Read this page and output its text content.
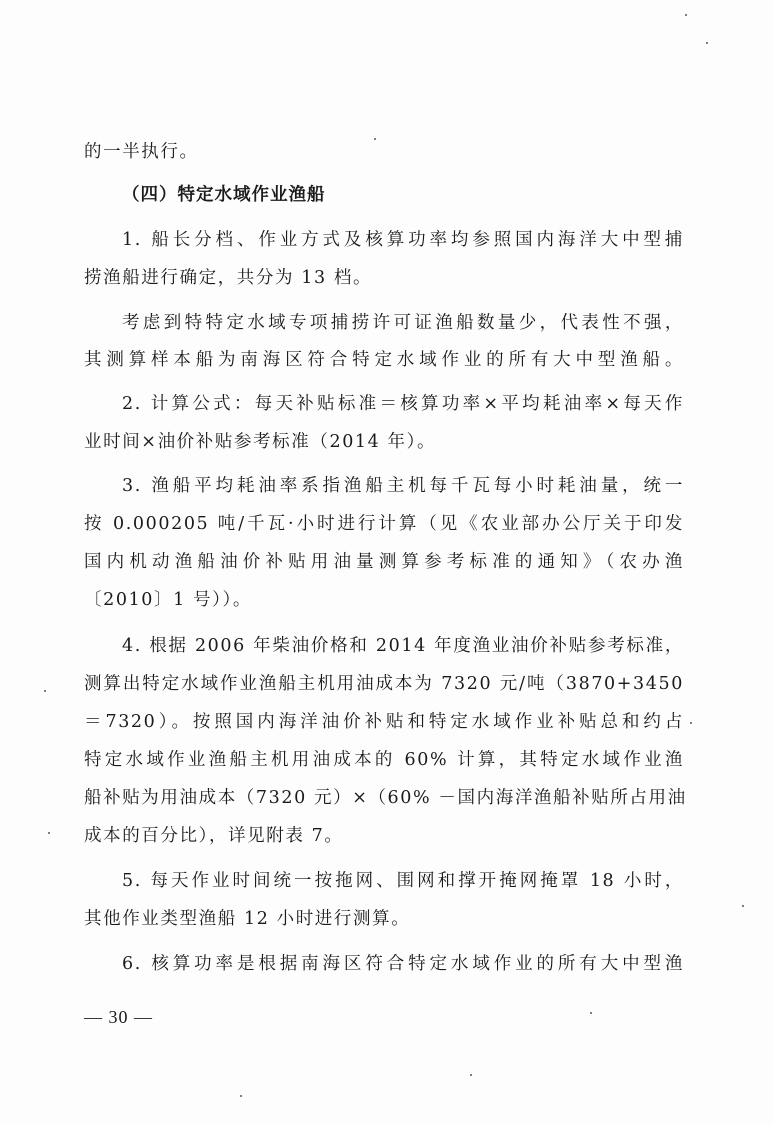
的一半执行。
（四）特定水域作业渔船
1. 船长分档、作业方式及核算功率均参照国内海洋大中型捕
捞渔船进行确定，共分为 13 档。
考虑到特特定水域专项捕捞许可证渔船数量少，代表性不强，
其测算样本船为南海区符合特定水域作业的所有大中型渔船。
2. 计算公式：每天补贴标准＝核算功率×平均耗油率×每天作
业时间×油价补贴参考标准（2014 年）。
3. 渔船平均耗油率系指渔船主机每千瓦每小时耗油量，统一
按 0.000205 吨/千瓦·小时进行计算（见《农业部办公厅关于印发
国内机动渔船油价补贴用油量测算参考标准的通知》（农办渔
〔2010〕1 号））。
4. 根据 2006 年柴油价格和 2014 年度渔业油价补贴参考标准，
测算出特定水域作业渔船主机用油成本为 7320 元/吨（3870+3450
＝7320）。按照国内海洋油价补贴和特定水域作业补贴总和约占
特定水域作业渔船主机用油成本的 60% 计算，其特定水域作业渔
船补贴为用油成本（7320 元）×（60% －国内海洋渔船补贴所占用油
成本的百分比），详见附表 7。
5. 每天作业时间统一按拖网、围网和撑开掩网掩罩 18 小时，
其他作业类型渔船 12 小时进行测算。
6. 核算功率是根据南海区符合特定水域作业的所有大中型渔
— 30 —
